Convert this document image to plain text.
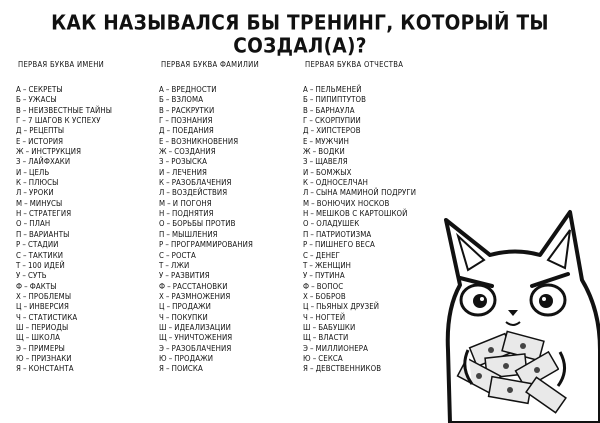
КАК НАЗЫВАЛСЯ БЫ ТРЕНИНГ, КОТОРЫЙ ТЫ СОЗДАЛ(А)?
ПЕРВАЯ БУКВА ИМЕНИ
А – СЕКРЕТЫ
Б – УЖАСЫ
В – НЕИЗВЕСТНЫЕ ТАЙНЫ
Г – 7 ШАГОВ К УСПЕХУ
Д – РЕЦЕПТЫ
Е – ИСТОРИЯ
Ж – ИНСТРУКЦИЯ
З – ЛАЙФХАКИ
И – ЦЕЛЬ
К – ПЛЮСЫ
Л – УРОКИ
М – МИНУСЫ
Н – СТРАТЕГИЯ
О – ПЛАН
П – ВАРИАНТЫ
Р – СТАДИИ
С – ТАКТИКИ
Т – 100 ИДЕЙ
У – СУТЬ
Ф – ФАКТЫ
Х – ПРОБЛЕМЫ
Ц – ИНВЕРСИЯ
Ч – СТАТИСТИКА
Ш – ПЕРИОДЫ
Щ – ШКОЛА
Э – ПРИМЕРЫ
Ю – ПРИЗНАКИ
Я – КОНСТАНТА
ПЕРВАЯ БУКВА ФАМИЛИИ
А – ВРЕДНОСТИ
Б – ВЗЛОМА
В – РАСКРУТКИ
Г – ПОЗНАНИЯ
Д – ПОЕДАНИЯ
Е – ВОЗНИКНОВЕНИЯ
Ж – СОЗДАНИЯ
З – РОЗЫСКА
И – ЛЕЧЕНИЯ
К – РАЗОБЛАЧЕНИЯ
Л – ВОЗДЕЙСТВИЯ
М – И ПОГОНЯ
Н – ПОДНЯТИЯ
О – БОРЬБЫ ПРОТИВ
П – МЫШЛЕНИЯ
Р – ПРОГРАММИРОВАНИЯ
С – РОСТА
Т – ЛЖИ
У – РАЗВИТИЯ
Ф – РАССТАНОВКИ
Х – РАЗМНОЖЕНИЯ
Ц – ПРОДАЖИ
Ч – ПОКУПКИ
Ш – ИДЕАЛИЗАЦИИ
Щ – УНИЧТОЖЕНИЯ
Э – РАЗОБЛАЧЕНИЯ
Ю – ПРОДАЖИ
Я – ПОИСКА
ПЕРВАЯ БУКВА ОТЧЕСТВА
А – ПЕЛЬМЕНЕЙ
Б – ПИПИПТУТОВ
В – БАРНАУЛА
Г – СКОРПУПИИ
Д – ХИПСТЕРОВ
Е – МУЖЧИН
Ж – ВОДКИ
З – ЩАВЕЛЯ
И – БОМЖЫХ
К – ОДНОСЕЛЧАН
Л – СЫНА МАМИНОЙ ПОДРУГИ
М – ВОНЮЧИХ НОСКОВ
Н – МЕШКОВ С КАРТОШКОЙ
О – ОЛАДУШЕК
П – ПАТРИОТИЗМА
Р – ПИШНЕГО ВЕСА
С – ДЕНЕГ
Т – ЖЕНЩИН
У – ПУТИНА
Ф – ВОПОС
Х – БОБРОВ
Ц – ПЬЯНЫХ ДРУЗЕЙ
Ч – НОГТЕЙ
Ш – БАБУШКИ
Щ – ВЛАСТИ
Э – МИЛЛИОНЕРА
Ю – СЕКСА
Я – ДЕВСТВЕННИКОВ
